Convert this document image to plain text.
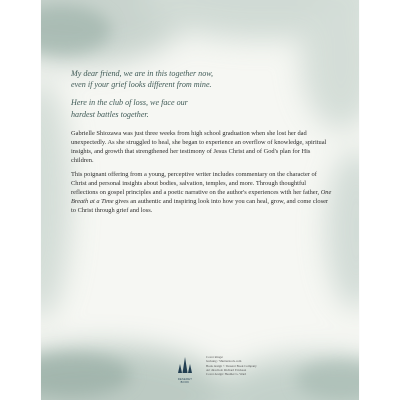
My dear friend, we are in this together now,
even if your grief looks different from mine.

Here in the club of loss, we face our
hardest battles together.

Gabrielle Shiozawa was just three weeks from high school graduation when she lost her dad unexpectedly. As she struggled to heal, she began to experience an overflow of knowledge, spiritual insights, and growth that strengthened her testimony of Jesus Christ and of God's plan for His children.

This poignant offering from a young, perceptive writer includes commentary on the character of Christ and personal insights about bodies, salvation, temples, and more. Through thoughtful reflections on gospel principles and a poetic narrative on the author's experiences with her father, One Breath at a Time gives an authentic and inspiring look into how you can heal, grow, and come closer to Christ through grief and loss.

DESERET
BOOK
Cover image:
borkung / Shutterstock.com
Book design © Deseret Book Company
Art direction: Richard Erickson
Cover design: Heather G. Ward
